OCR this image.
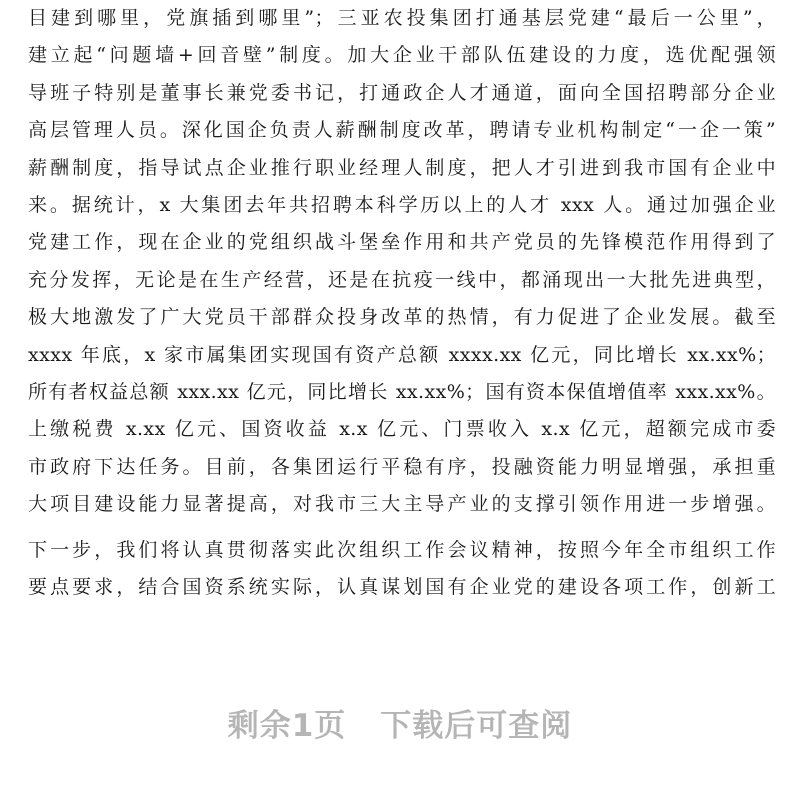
目建到哪里，党旗插到哪里”；三亚农投集团打通基层党建“最后一公里”，
建立起“问题墙+回音壁”制度。加大企业干部队伍建设的力度，选优配强领
导班子特别是董事长兼党委书记，打通政企人才通道，面向全国招聘部分企业
高层管理人员。深化国企负责人薪酬制度改革，聘请专业机构制定“一企一策”
薪酬制度，指导试点企业推行职业经理人制度，把人才引进到我市国有企业中
来。据统计，x 大集团去年共招聘本科学历以上的人才 xxx 人。通过加强企业
党建工作，现在企业的党组织战斗堡垒作用和共产党员的先锋模范作用得到了
充分发挥，无论是在生产经营，还是在抗疫一线中，都涌现出一大批先进典型，
极大地激发了广大党员干部群众投身改革的热情，有力促进了企业发展。截至
xxxx 年底，x 家市属集团实现国有资产总额 xxxx.xx 亿元，同比增长 xx.xx%；
所有者权益总额 xxx.xx 亿元，同比增长 xx.xx%；国有资本保值增值率 xxx.xx%。
上缴税费 x.xx 亿元、国资收益 x.x 亿元、门票收入 x.x 亿元，超额完成市委
市政府下达任务。目前，各集团运行平稳有序，投融资能力明显增强，承担重
大项目建设能力显著提高，对我市三大主导产业的支撑引领作用进一步增强。
下一步，我们将认真贯彻落实此次组织工作会议精神，按照今年全市组织工作
要点要求，结合国资系统实际，认真谋划国有企业党的建设各项工作，创新工
剩余1页 下载后可查阅
